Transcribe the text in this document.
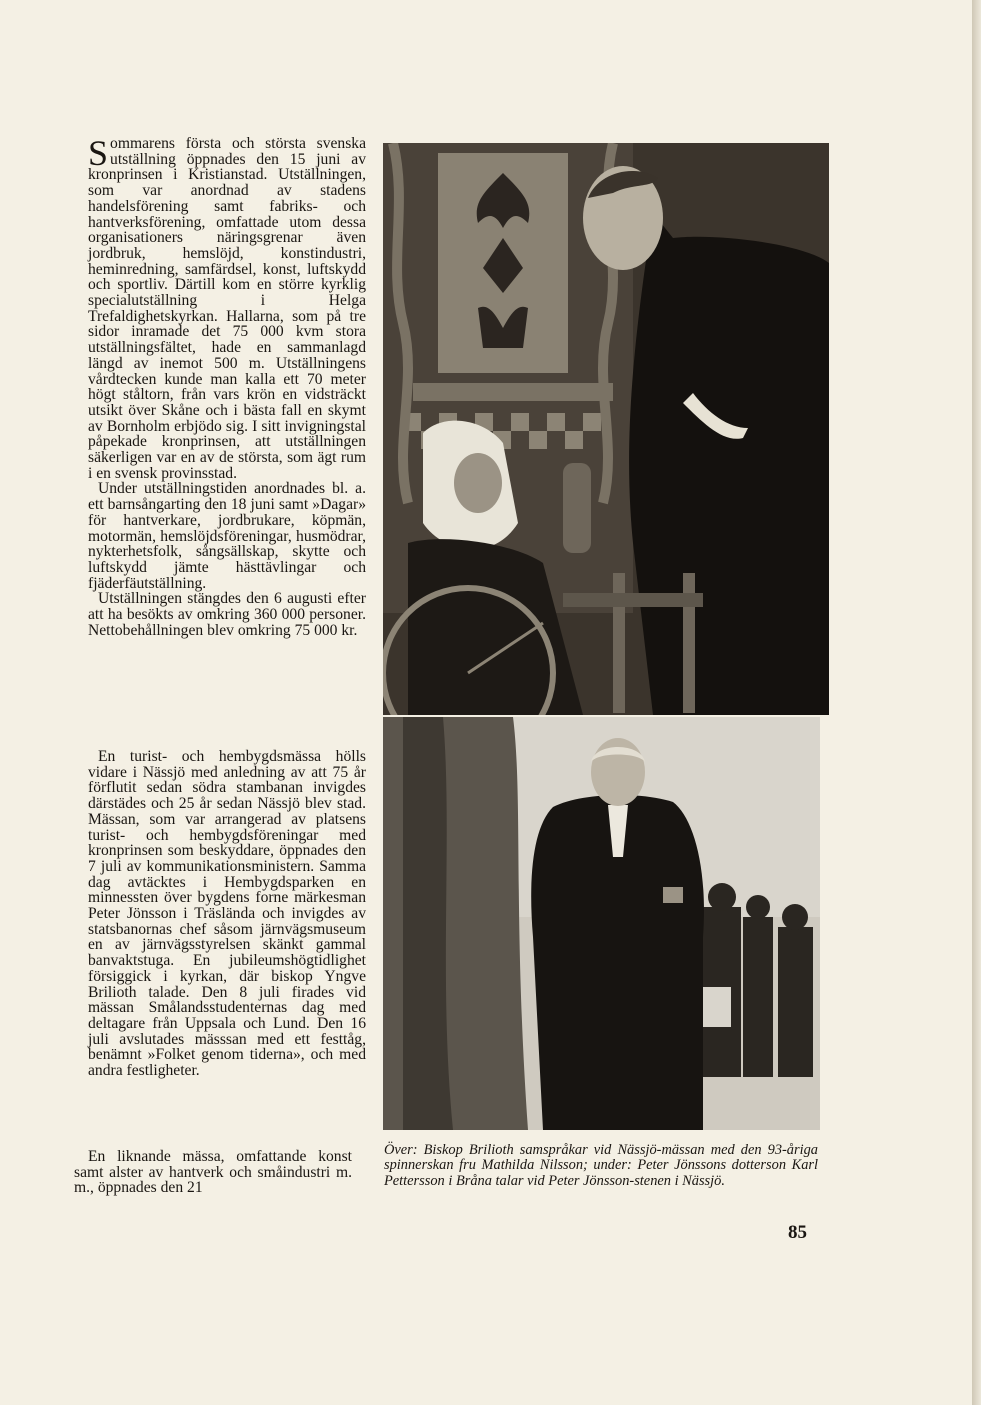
Sommarens första och största svenska utställning öppnades den 15 juni av kronprinsen i Kristianstad. Utställningen, som var anordnad av stadens handelsförening samt fabriks- och hantverksförening, omfattade utom dessa organisationers näringsgrenar även jordbruk, hemslöjd, konstindustri, heminredning, samfärdsel, konst, luftskydd och sportliv. Därtill kom en större kyrklig specialutställning i Helga Trefaldighetskyrkan. Hallarna, som på tre sidor inramade det 75 000 kvm stora utställningsfältet, hade en sammanlagd längd av inemot 500 m. Utställningens vårdtecken kunde man kalla ett 70 meter högt ståltorn, från vars krön en vidsträckt utsikt över Skåne och i bästa fall en skymt av Bornholm erbjödo sig. I sitt invigningstal påpekade kronprinsen, att utställningen säkerligen var en av de största, som ägt rum i en svensk provinsstad.

Under utställningstiden anordnades bl. a. ett barnsångarting den 18 juni samt »Dagar» för hantverkare, jordbrukare, köpmän, motormän, hemslöjdsföreningar, husmödrar, nykterhetsfolk, sångsällskap, skytte och luftskydd jämte hästtävlingar och fjäderfäutställning.

Utställningen stängdes den 6 augusti efter att ha besökts av omkring 360 000 personer. Nettobehållningen blev omkring 75 000 kr.

En turist- och hembygdsmässa hölls vidare i Nässjö med anledning av att 75 år förflutit sedan södra stambanan invigdes därstädes och 25 år sedan Nässjö blev stad. Mässan, som var arrangerad av platsens turist- och hembygdsföreningar med kronprinsen som beskyddare, öppnades den 7 juli av kommunikationsministern. Samma dag avtäcktes i Hembygdsparken en minnessten över bygdens forne märkesman Peter Jönsson i Träslända och invigdes av statsbanornas chef såsom järnvägsmuseum en av järnvägsstyrelsen skänkt gammal banvaktstuga. En jubileumshögtidlighet försiggick i kyrkan, där biskop Yngve Brilioth talade. Den 8 juli firades vid mässan Smålandsstudenternas dag med deltagare från Uppsala och Lund. Den 16 juli avslutades mässsan med ett festtåg, benämnt »Folket genom tiderna», och med andra festligheter.

En liknande mässa, omfattande konst samt alster av hantverk och småindustri m. m., öppnades den 21

Över: Biskop Brilioth samspråkar vid Nässjö-mässan med den 93-åriga spinnerskan fru Mathilda Nilsson; under: Peter Jönssons dotterson Karl Pettersson i Bråna talar vid Peter Jönsson-stenen i Nässjö.
85
